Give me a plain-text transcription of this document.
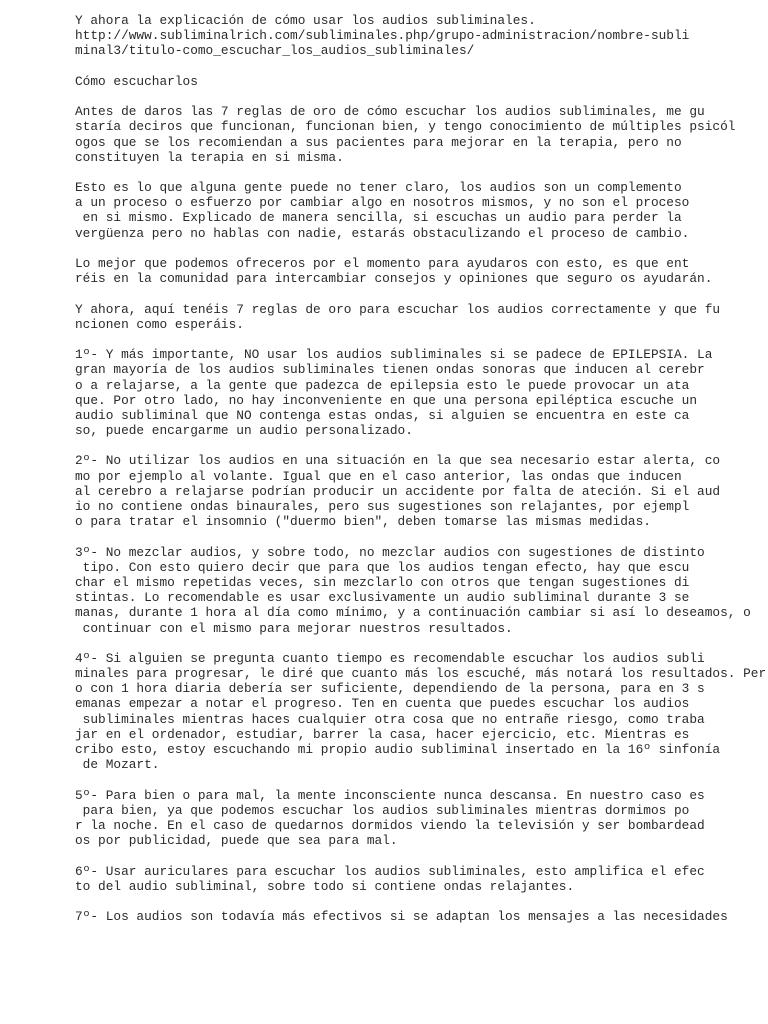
Y ahora la explicación de cómo usar los audios subliminales.
http://www.subliminalrich.com/subliminales.php/grupo-administracion/nombre-subli
minal3/titulo-como_escuchar_los_audios_subliminales/
Cómo escucharlos
Antes de daros las 7 reglas de oro de cómo escuchar los audios subliminales, me gu
staría deciros que funcionan, funcionan bien, y tengo conocimiento de múltiples psicól
ogos que se los recomiendan a sus pacientes para mejorar en la terapia, pero no
constituyen la terapia en si misma.
Esto es lo que alguna gente puede no tener claro, los audios son un complemento
a un proceso o esfuerzo por cambiar algo en nosotros mismos, y no son el proceso
en si mismo. Explicado de manera sencilla, si escuchas un audio para perder la
vergüenza pero no hablas con nadie, estarás obstaculizando el proceso de cambio.
Lo mejor que podemos ofreceros por el momento para ayudaros con esto, es que ent
réis en la comunidad para intercambiar consejos y opiniones que seguro os ayudarán.
Y ahora, aquí tenéis 7 reglas de oro para escuchar los audios correctamente y que fu
ncionen como esperáis.
1º- Y más importante, NO usar los audios subliminales si se padece de EPILEPSIA. La
gran mayoría de los audios subliminales tienen ondas sonoras que inducen al cerebr
o a relajarse, a la gente que padezca de epilepsia esto le puede provocar un ata
que. Por otro lado, no hay inconveniente en que una persona epiléptica escuche un
audio subliminal que NO contenga estas ondas, si alguien se encuentra en este ca
so, puede encargarme un audio personalizado.
2º- No utilizar los audios en una situación en la que sea necesario estar alerta, co
mo por ejemplo al volante. Igual que en el caso anterior, las ondas que inducen
al cerebro a relajarse podrían producir un accidente por falta de ateción. Si el aud
io no contiene ondas binaurales, pero sus sugestiones son relajantes, por ejempl
o para tratar el insomnio ("duermo bien", deben tomarse las mismas medidas.
3º- No mezclar audios, y sobre todo, no mezclar audios con sugestiones de distinto
tipo. Con esto quiero decir que para que los audios tengan efecto, hay que escu
char el mismo repetidas veces, sin mezclarlo con otros que tengan sugestiones di
stintas. Lo recomendable es usar exclusivamente un audio subliminal durante 3 se
manas, durante 1 hora al día como mínimo, y a continuación cambiar si así lo deseamos, o
continuar con el mismo para mejorar nuestros resultados.
4º- Si alguien se pregunta cuanto tiempo es recomendable escuchar los audios subli
minales para progresar, le diré que cuanto más los escuché, más notará los resultados. Per
o con 1 hora diaria debería ser suficiente, dependiendo de la persona, para en 3 s
emanas empezar a notar el progreso. Ten en cuenta que puedes escuchar los audios
subliminales mientras haces cualquier otra cosa que no entrañe riesgo, como traba
jar en el ordenador, estudiar, barrer la casa, hacer ejercicio, etc. Mientras es
cribo esto, estoy escuchando mi propio audio subliminal insertado en la 16º sinfonía
de Mozart.
5º- Para bien o para mal, la mente inconsciente nunca descansa. En nuestro caso es
para bien, ya que podemos escuchar los audios subliminales mientras dormimos po
r la noche. En el caso de quedarnos dormidos viendo la televisión y ser bombardead
os por publicidad, puede que sea para mal.
6º- Usar auriculares para escuchar los audios subliminales, esto amplifica el efec
to del audio subliminal, sobre todo si contiene ondas relajantes.
7º- Los audios son todavía más efectivos si se adaptan los mensajes a las necesidades
